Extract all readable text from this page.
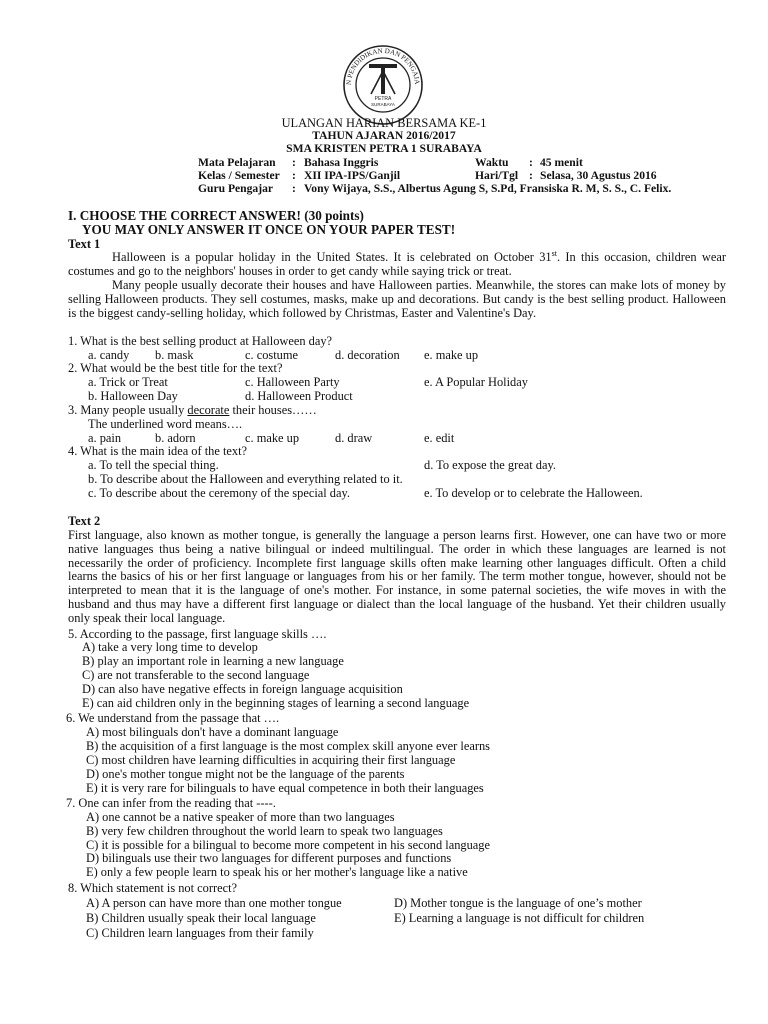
N PENDIDIKAN DAN PENGAJA
PETRA
SURABAYA
ULANGAN HARIAN BERSAMA KE-1
TAHUN AJARAN 2016/2017
SMA KRISTEN PETRA 1 SURABAYA
Mata Pelajaran : Bahasa Inggris	Waktu : 45 menit
Kelas / Semester : XII IPA-IPS/Ganjil	Hari/Tgl : Selasa, 30 Agustus 2016
Guru Pengajar : Vony Wijaya, S.S., Albertus Agung S, S.Pd, Fransiska R. M, S. S., C. Felix.
I. CHOOSE THE CORRECT ANSWER! (30 points)
YOU MAY ONLY ANSWER IT ONCE ON YOUR PAPER TEST!
Text 1
Halloween is a popular holiday in the United States. It is celebrated on October 31st. In this occasion, children wear costumes and go to the neighbors' houses in order to get candy while saying trick or treat.
Many people usually decorate their houses and have Halloween parties. Meanwhile, the stores can make lots of money by selling Halloween products. They sell costumes, masks, make up and decorations. But candy is the best selling product. Halloween is the biggest candy-selling holiday, which followed by Christmas, Easter and Valentine's Day.
1. What is the best selling product at Halloween day?
a. candy b. mask	c. costume	d. decoration e. make up
2. What would be the best title for the text?
a. Trick or Treat	c. Halloween Party	e. A Popular Holiday
b. Halloween Day	d. Halloween Product
3. Many people usually decorate their houses……
The underlined word means….
a. pain	b. adorn	c. make up	d. draw	e. edit
4. What is the main idea of the text?
a. To tell the special thing.	d. To expose the great day.
b. To describe about the Halloween and everything related to it.
c. To describe about the ceremony of the special day.	e. To develop or to celebrate the Halloween.
Text 2
First language, also known as mother tongue, is generally the language a person learns first. However, one can have two or more native languages thus being a native bilingual or indeed multilingual. The order in which these languages are learned is not necessarily the order of proficiency. Incomplete first language skills often make learning other languages difficult. Often a child learns the basics of his or her first language or languages from his or her family. The term mother tongue, however, should not be interpreted to mean that it is the language of one's mother. For instance, in some paternal societies, the wife moves in with the husband and thus may have a different first language or dialect than the local language of the husband. Yet their children usually only speak their local language.
5. According to the passage, first language skills ….
A) take a very long time to develop
B) play an important role in learning a new language
C) are not transferable to the second language
D) can also have negative effects in foreign language acquisition
E) can aid children only in the beginning stages of learning a second language
6. We understand from the passage that ….
A) most bilinguals don't have a dominant language
B) the acquisition of a first language is the most complex skill anyone ever learns
C) most children have learning difficulties in acquiring their first language
D) one's mother tongue might not be the language of the parents
E) it is very rare for bilinguals to have equal competence in both their languages
7. One can infer from the reading that ----.
A) one cannot be a native speaker of more than two languages
B) very few children throughout the world learn to speak two languages
C) it is possible for a bilingual to become more competent in his second language
D) bilinguals use their two languages for different purposes and functions
E) only a few people learn to speak his or her mother's language like a native
8. Which statement is not correct?
A) A person can have more than one mother tongue	D) Mother tongue is the language of one’s mother
B) Children usually speak their local language	E) Learning a language is not difficult for children
C) Children learn languages from their family
